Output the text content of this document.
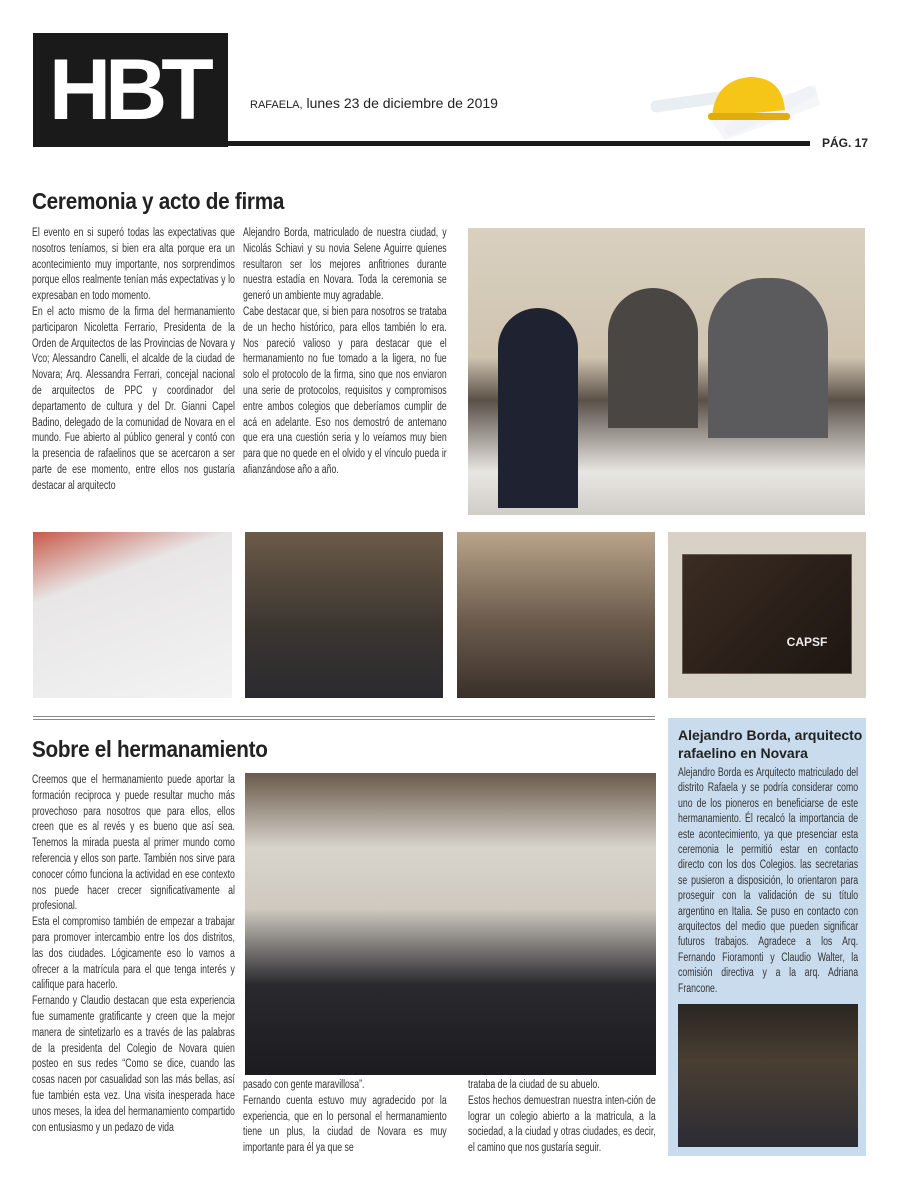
HBT	RAFAELA, lunes 23 de diciembre de 2019
PÁG. 17
Ceremonia y acto de firma

El evento en si superó todas las expectativas que nosotros teníamos, si bien era alta porque era un acontecimiento muy importante, nos sorprendimos porque ellos realmente tenían más expectativas y lo expresaban en todo momento.

En el acto mismo de la firma del hermanamiento participaron Nicoletta Ferrario, Presidenta de la Orden de Arquitectos de las Provincias de Novara y Vco; Alessandro Canelli, el alcalde de la ciudad de Novara; Arq. Alessandra Ferrari, concejal nacional de arquitectos de PPC y coordinador del departamento de cultura y del Dr. Gianni Capel Badino, delegado de la comunidad de Novara en el mundo. Fue abierto al público general y contó con la presencia de rafaelinos que se acercaron a ser parte de ese momento, entre ellos nos gustaría destacar al arquitecto

Alejandro Borda, matriculado de nuestra ciudad, y Nicolás Schiavi y su novia Selene Aguirre quienes resultaron ser los mejores anfitriones durante nuestra estadía en Novara. Toda la ceremonia se generó un ambiente muy agradable.

Cabe destacar que, si bien para nosotros se trataba de un hecho histórico, para ellos también lo era. Nos pareció valioso y para destacar que el hermanamiento no fue tomado a la ligera, no fue solo el protocolo de la firma, sino que nos enviaron una serie de protocolos, requisitos y compromisos entre ambos colegios que deberíamos cumplir de acá en adelante. Eso nos demostró de antemano que era una cuestión seria y lo veíamos muy bien para que no quede en el olvido y el vínculo pueda ir afianzándose año a año.

CAPSF
Sobre el hermanamiento

Creemos que el hermanamiento puede aportar la formación reciproca y puede resultar mucho más provechoso para nosotros que para ellos, ellos creen que es al revés y es bueno que así sea. Tenemos la mirada puesta al primer mundo como referencia y ellos son parte. También nos sirve para conocer cómo funciona la actividad en ese contexto nos puede hacer crecer significativamente al profesional.

Esta el compromiso también de empezar a trabajar para promover intercambio entre los dos distritos, las dos ciudades. Lógicamente eso lo vamos a ofrecer a la matrícula para el que tenga interés y califique para hacerlo.

Fernando y Claudio destacan que esta experiencia fue sumamente gratificante y creen que la mejor manera de sintetizarlo es a través de las palabras de la presidenta del Colegio de Novara quien posteo en sus redes “Como se dice, cuando las cosas nacen por casualidad son las más bellas, así fue también esta vez. Una visita inesperada hace unos meses, la idea del hermanamiento compartido con entusiasmo y un pedazo de vida

pasado con gente maravillosa”.

Fernando cuenta estuvo muy agradecido por la experiencia, que en lo personal el hermanamiento tiene un plus, la ciudad de Novara es muy importante para él ya que se

trataba de la ciudad de su abuelo.

Estos hechos demuestran nuestra inten-ción de lograr un colegio abierto a la matricula, a la sociedad, a la ciudad y otras ciudades, es decir, el camino que nos gustaría seguir.

Alejandro Borda, arquitecto rafaelino en Novara
Alejandro Borda es Arquitecto matriculado del distrito Rafaela y se podría considerar como uno de los pioneros en beneficiarse de este hermanamiento. Él recalcó la importancia de este acontecimiento, ya que presenciar esta ceremonia le permitió estar en contacto directo con los dos Colegios. las secretarias se pusieron a disposición, lo orientaron para proseguir con la validación de su título argentino en Italia. Se puso en contacto con arquitectos del medio que pueden significar futuros trabajos. Agradece a los Arq. Fernando Fioramonti y Claudio Walter, la comisión directiva y a la arq. Adriana Francone.
